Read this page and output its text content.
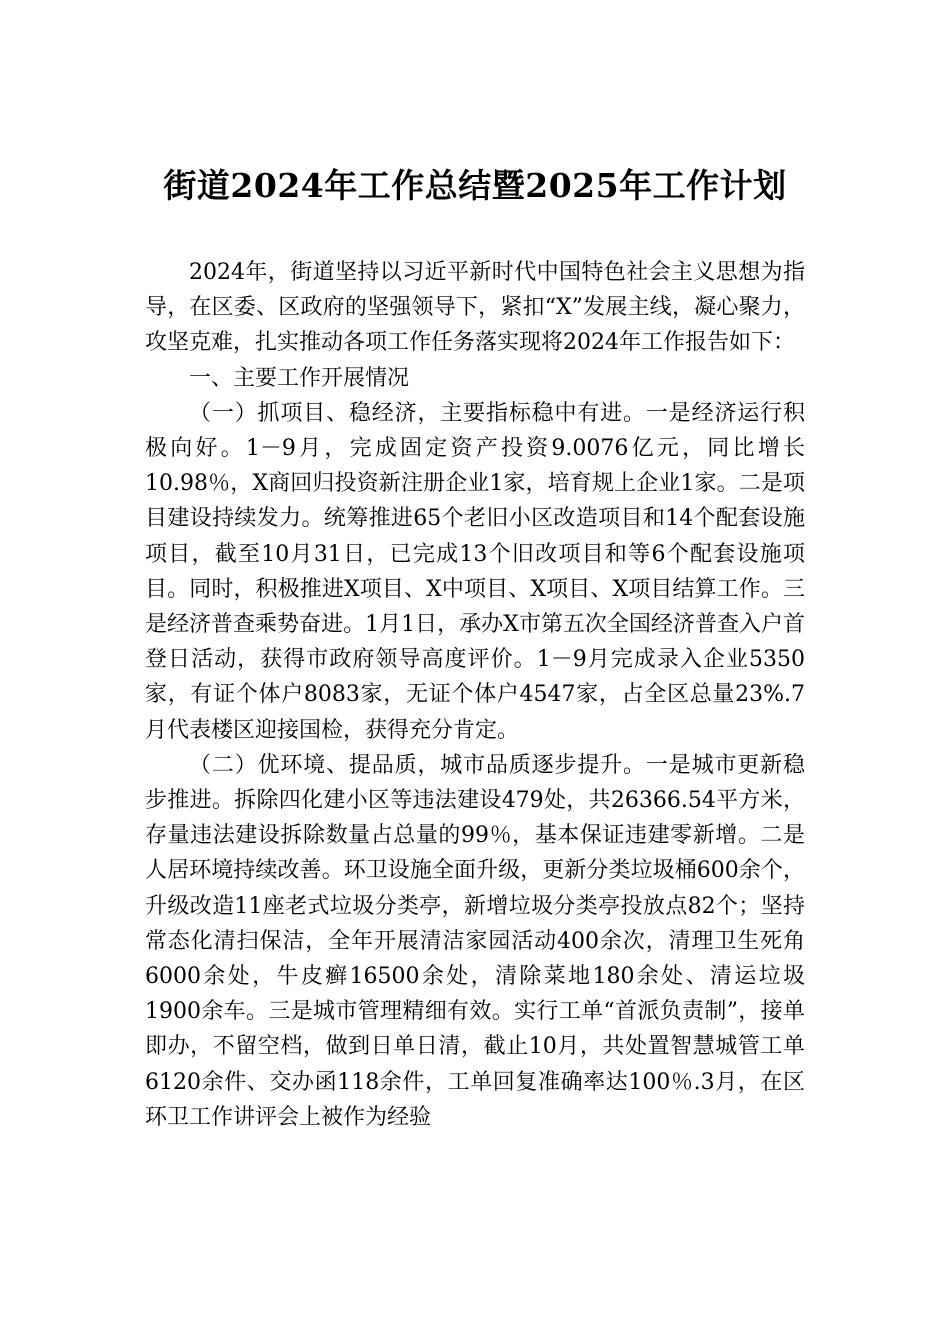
街道2024年工作总结暨2025年工作计划

2024年，街道坚持以习近平新时代中国特色社会主义思想为指导，在区委、区政府的坚强领导下，紧扣“X”发展主线，凝心聚力，攻坚克难，扎实推动各项工作任务落实现将2024年工作报告如下：

一、主要工作开展情况

（一）抓项目、稳经济，主要指标稳中有进。一是经济运行积极向好。1－9月，完成固定资产投资9.0076亿元，同比增长10.98％，X商回归投资新注册企业1家，培育规上企业1家。二是项目建设持续发力。统筹推进65个老旧小区改造项目和14个配套设施项目，截至10月31日，已完成13个旧改项目和等6个配套设施项目。同时，积极推进X项目、X中项目、X项目、X项目结算工作。三是经济普查乘势奋进。1月1日，承办X市第五次全国经济普查入户首登日活动，获得市政府领导高度评价。1－9月完成录入企业5350家，有证个体户8083家，无证个体户4547家，占全区总量23%.7月代表楼区迎接国检，获得充分肯定。

（二）优环境、提品质，城市品质逐步提升。一是城市更新稳步推进。拆除四化建小区等违法建设479处，共26366.54平方米，存量违法建设拆除数量占总量的99％，基本保证违建零新增。二是人居环境持续改善。环卫设施全面升级，更新分类垃圾桶600余个，升级改造11座老式垃圾分类亭，新增垃圾分类亭投放点82个；坚持常态化清扫保洁，全年开展清洁家园活动400余次，清理卫生死角6000余处，牛皮癣16500余处，清除菜地180余处、清运垃圾1900余车。三是城市管理精细有效。实行工单“首派负责制”，接单即办，不留空档，做到日单日清，截止10月，共处置智慧城管工单6120余件、交办函118余件，工单回复准确率达100％.3月，在区环卫工作讲评会上被作为经验
